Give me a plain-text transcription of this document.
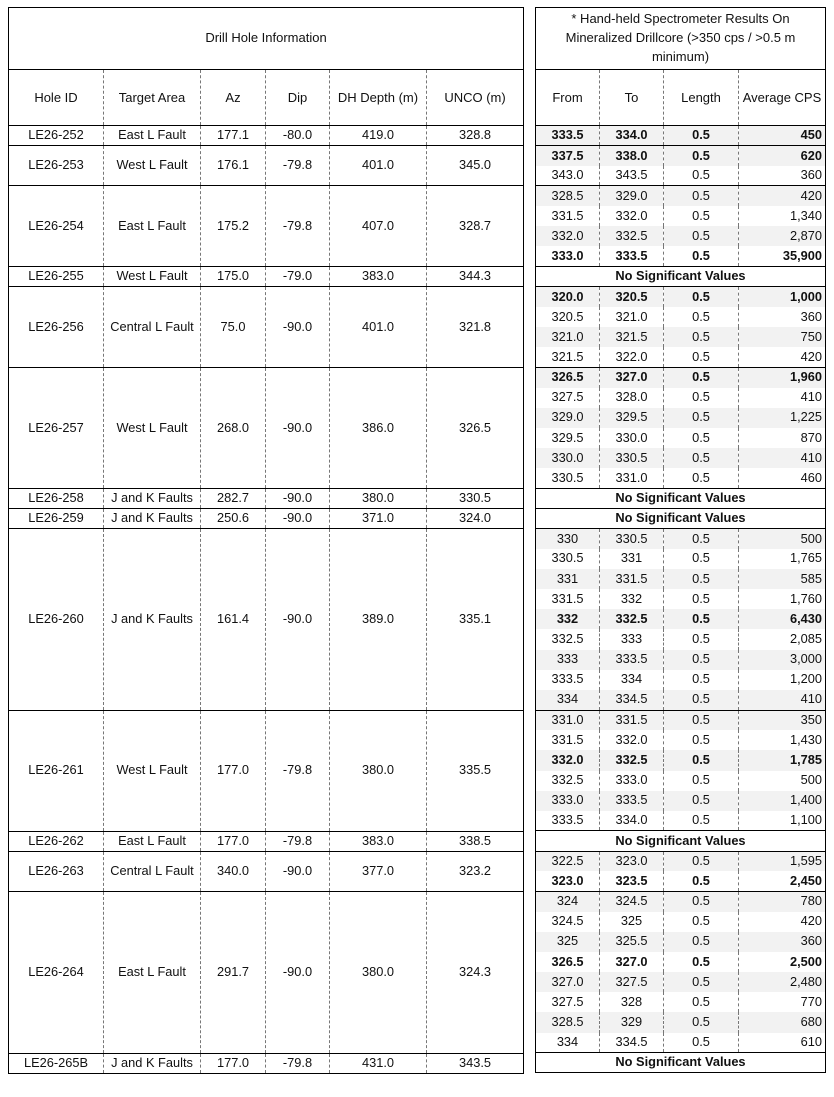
Drill Hole Information					
Hole ID	Target Area	Az	Dip	DH Depth (m)	UNCO (m)
LE26-252	East L Fault	177.1	-80.0	419.0	328.8
LE26-253	West L Fault	176.1	-79.8	401.0	345.0
LE26-254	East L Fault	175.2	-79.8	407.0	328.7
LE26-255	West L Fault	175.0	-79.0	383.0	344.3
LE26-256	Central L Fault	75.0	-90.0	401.0	321.8
LE26-257	West L Fault	268.0	-90.0	386.0	326.5
LE26-258	J and K Faults	282.7	-90.0	380.0	330.5
LE26-259	J and K Faults	250.6	-90.0	371.0	324.0
LE26-260	J and K Faults	161.4	-90.0	389.0	335.1
LE26-261	West L Fault	177.0	-79.8	380.0	335.5
LE26-262	East L Fault	177.0	-79.8	383.0	338.5
LE26-263	Central L Fault	340.0	-90.0	377.0	323.2
LE26-264	East L Fault	291.7	-90.0	380.0	324.3
LE26-265B	J and K Faults	177.0	-79.8	431.0	343.5
* Hand-held Spectrometer Results On Mineralized Drillcore (>350 cps / >0.5 m minimum)			
From	To	Length	Average CPS
333.5	334.0	0.5	450
337.5	338.0	0.5	620
343.0	343.5	0.5	360
328.5	329.0	0.5	420
331.5	332.0	0.5	1,340
332.0	332.5	0.5	2,870
333.0	333.5	0.5	35,900
No Significant Values			
320.0	320.5	0.5	1,000
320.5	321.0	0.5	360
321.0	321.5	0.5	750
321.5	322.0	0.5	420
326.5	327.0	0.5	1,960
327.5	328.0	0.5	410
329.0	329.5	0.5	1,225
329.5	330.0	0.5	870
330.0	330.5	0.5	410
330.5	331.0	0.5	460
No Significant Values			
No Significant Values			
330	330.5	0.5	500
330.5	331	0.5	1,765
331	331.5	0.5	585
331.5	332	0.5	1,760
332	332.5	0.5	6,430
332.5	333	0.5	2,085
333	333.5	0.5	3,000
333.5	334	0.5	1,200
334	334.5	0.5	410
331.0	331.5	0.5	350
331.5	332.0	0.5	1,430
332.0	332.5	0.5	1,785
332.5	333.0	0.5	500
333.0	333.5	0.5	1,400
333.5	334.0	0.5	1,100
No Significant Values			
322.5	323.0	0.5	1,595
323.0	323.5	0.5	2,450
324	324.5	0.5	780
324.5	325	0.5	420
325	325.5	0.5	360
326.5	327.0	0.5	2,500
327.0	327.5	0.5	2,480
327.5	328	0.5	770
328.5	329	0.5	680
334	334.5	0.5	610
No Significant Values			
